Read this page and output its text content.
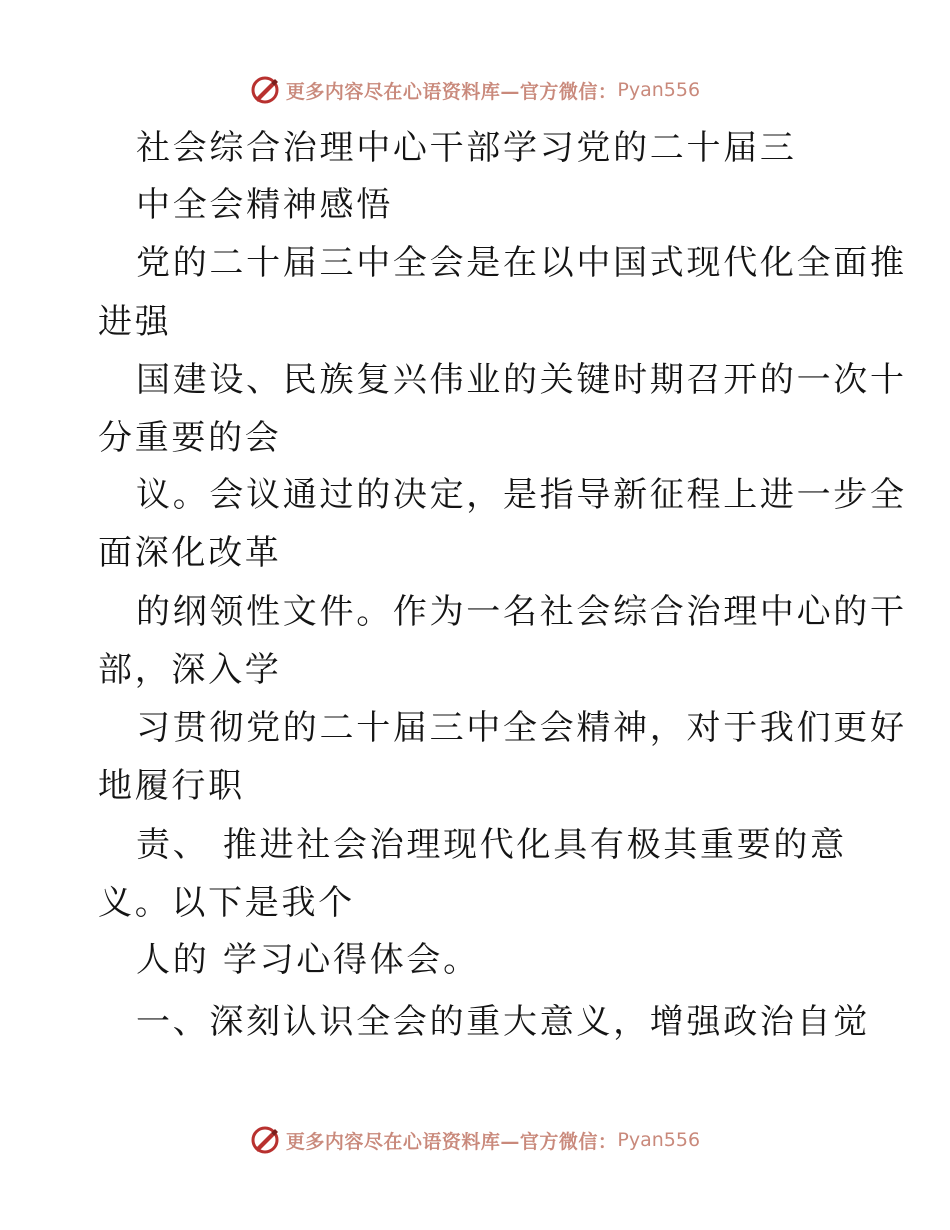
更多内容尽在心语资料库—官方微信： Pyan556

社会综合治理中心干部学习党的二十届三

中全会精神感悟

党的二十届三中全会是在以中国式现代化全面推

进强

国建设、民族复兴伟业的关键时期召开的一次十

分重要的会

议。会议通过的决定，是指导新征程上进一步全

面深化改革

的纲领性文件。作为一名社会综合治理中心的干

部，深入学

习贯彻党的二十届三中全会精神，对于我们更好

地履行职

责、 推进社会治理现代化具有极其重要的意

义。以下是我个

人的 学习心得体会。

一、深刻认识全会的重大意义，增强政治自觉

更多内容尽在心语资料库—官方微信： Pyan556
